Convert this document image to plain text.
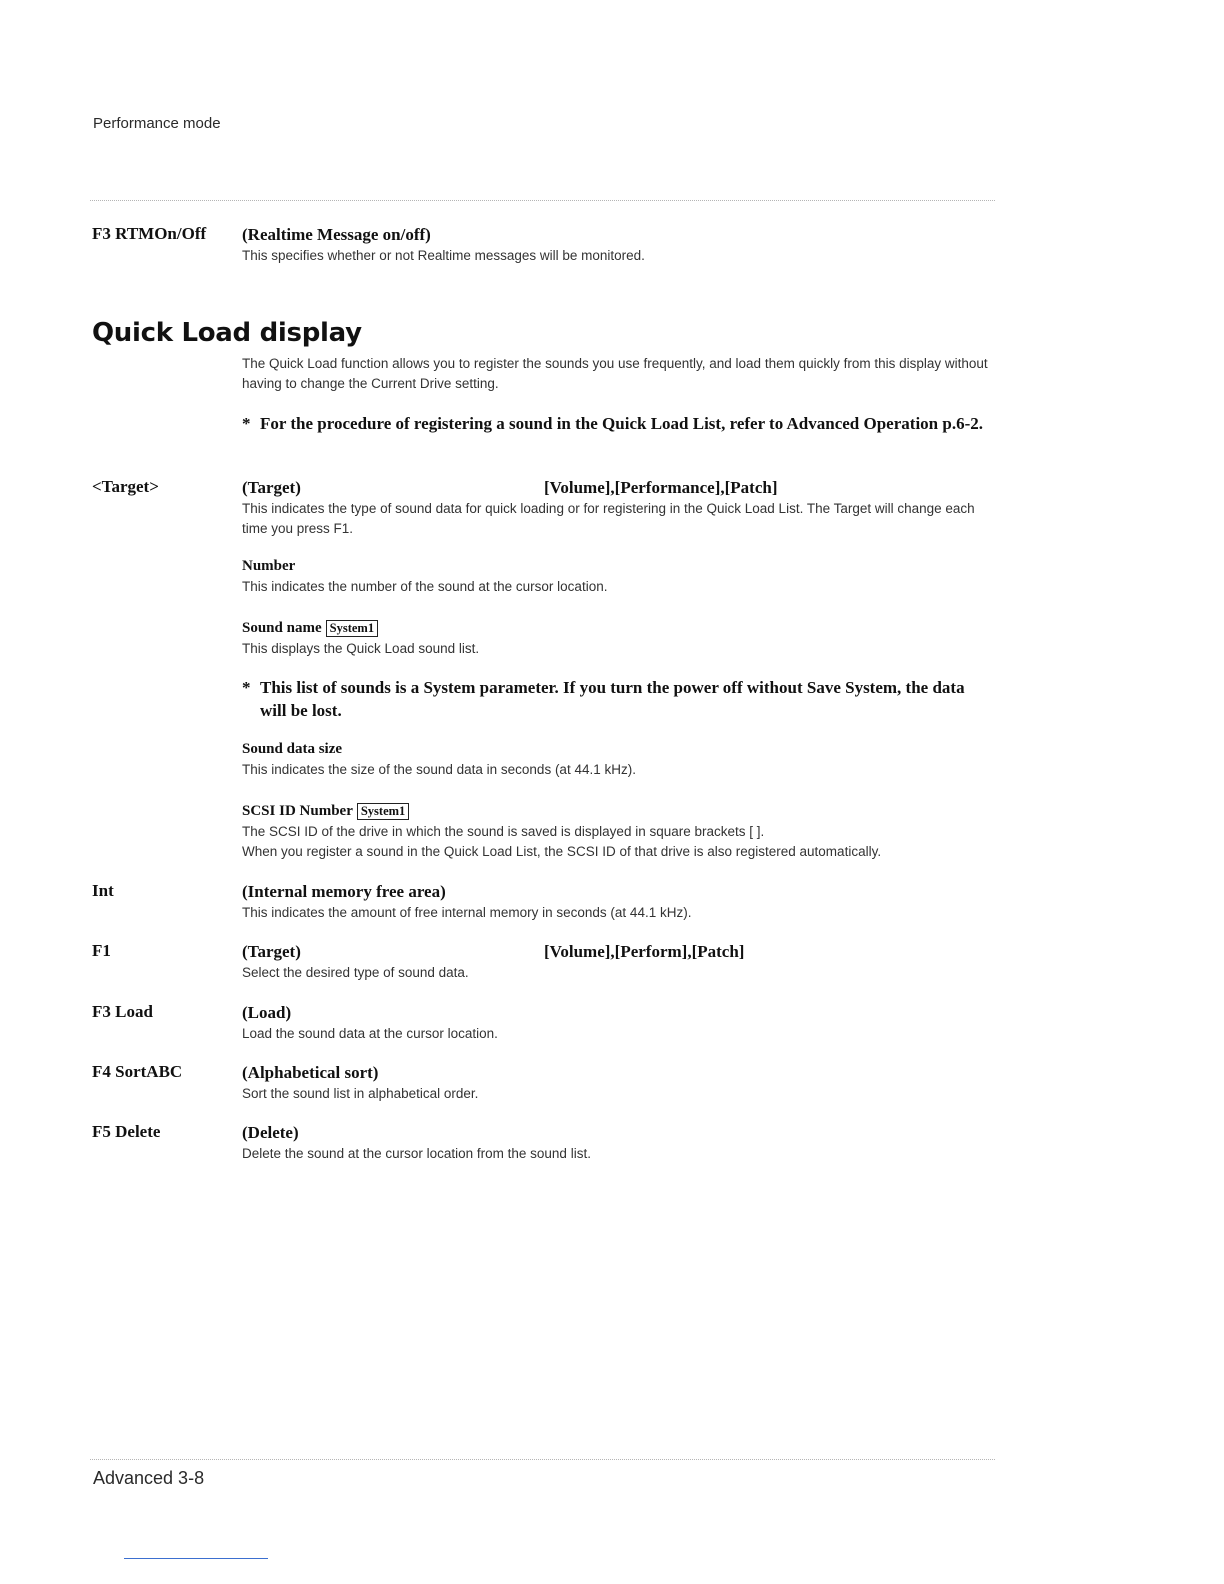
Performance mode
F3 RTMOn/Off (Realtime Message on/off)
This specifies whether or not Realtime messages will be monitored.
Quick Load display
The Quick Load function allows you to register the sounds you use frequently, and load them quickly from this display without having to change the Current Drive setting.
* For the procedure of registering a sound in the Quick Load List, refer to Advanced Operation p.6-2.
<Target>	(Target)	[Volume],[Performance],[Patch]
This indicates the type of sound data for quick loading or for registering in the Quick Load List. The Target will change each time you press F1.
Number
This indicates the number of the sound at the cursor location.
Sound name System1
This displays the Quick Load sound list.
* This list of sounds is a System parameter. If you turn the power off without Save System, the data will be lost.
Sound data size
This indicates the size of the sound data in seconds (at 44.1 kHz).
SCSI ID Number System1
The SCSI ID of the drive in which the sound is saved is displayed in square brackets [ ].
When you register a sound in the Quick Load List, the SCSI ID of that drive is also registered automatically.
Int	(Internal memory free area)
This indicates the amount of free internal memory in seconds (at 44.1 kHz).
F1	(Target)	[Volume],[Perform],[Patch]
Select the desired type of sound data.
F3 Load	(Load)
Load the sound data at the cursor location.
F4 SortABC	(Alphabetical sort)
Sort the sound list in alphabetical order.
F5 Delete	(Delete)
Delete the sound at the cursor location from the sound list.
Advanced 3-8
